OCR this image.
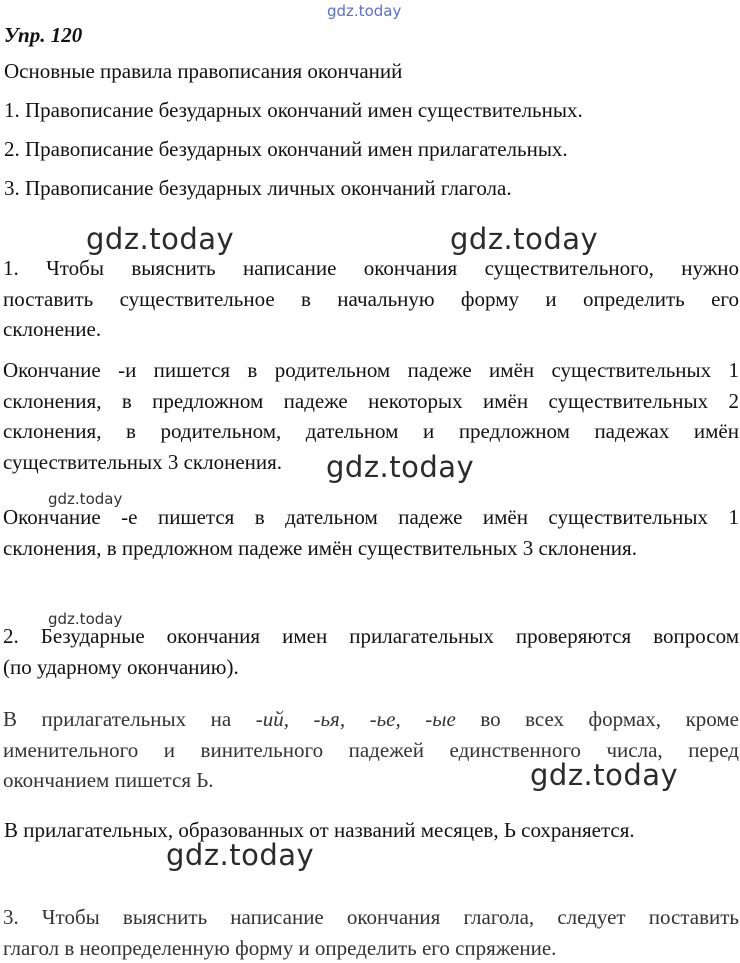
gdz.today
Упр. 120
Основные правила правописания окончаний
1. Правописание безударных окончаний имен существительных.
2. Правописание безударных окончаний имен прилагательных.
3. Правописание безударных личных окончаний глагола.
gdz.today	gdz.today
1. Чтобы выяснить написание окончания существительного, нужно
поставить существительное в начальную форму и определить его
склонение.
Окончание -и пишется в родительном падеже имён существительных 1
склонения, в предложном падеже некоторых имён существительных 2
склонения, в родительном, дательном и предложном падежах имён
существительных 3 склонения.	gdz.today
gdz.today
Окончание -е пишется в дательном падеже имён существительных 1
склонения, в предложном падеже имён существительных 3 склонения.
gdz.today
2. Безударные окончания имен прилагательных проверяются вопросом
(по ударному окончанию).
В прилагательных на -ий, -ья, -ье, -ые во всех формах, кроме
именительного и винительного падежей единственного числа, перед
окончанием пишется Ь.	gdz.today
В прилагательных, образованных от названий месяцев, Ь сохраняется.
gdz.today
3. Чтобы выяснить написание окончания глагола, следует поставить
глагол в неопределенную форму и определить его спряжение.
